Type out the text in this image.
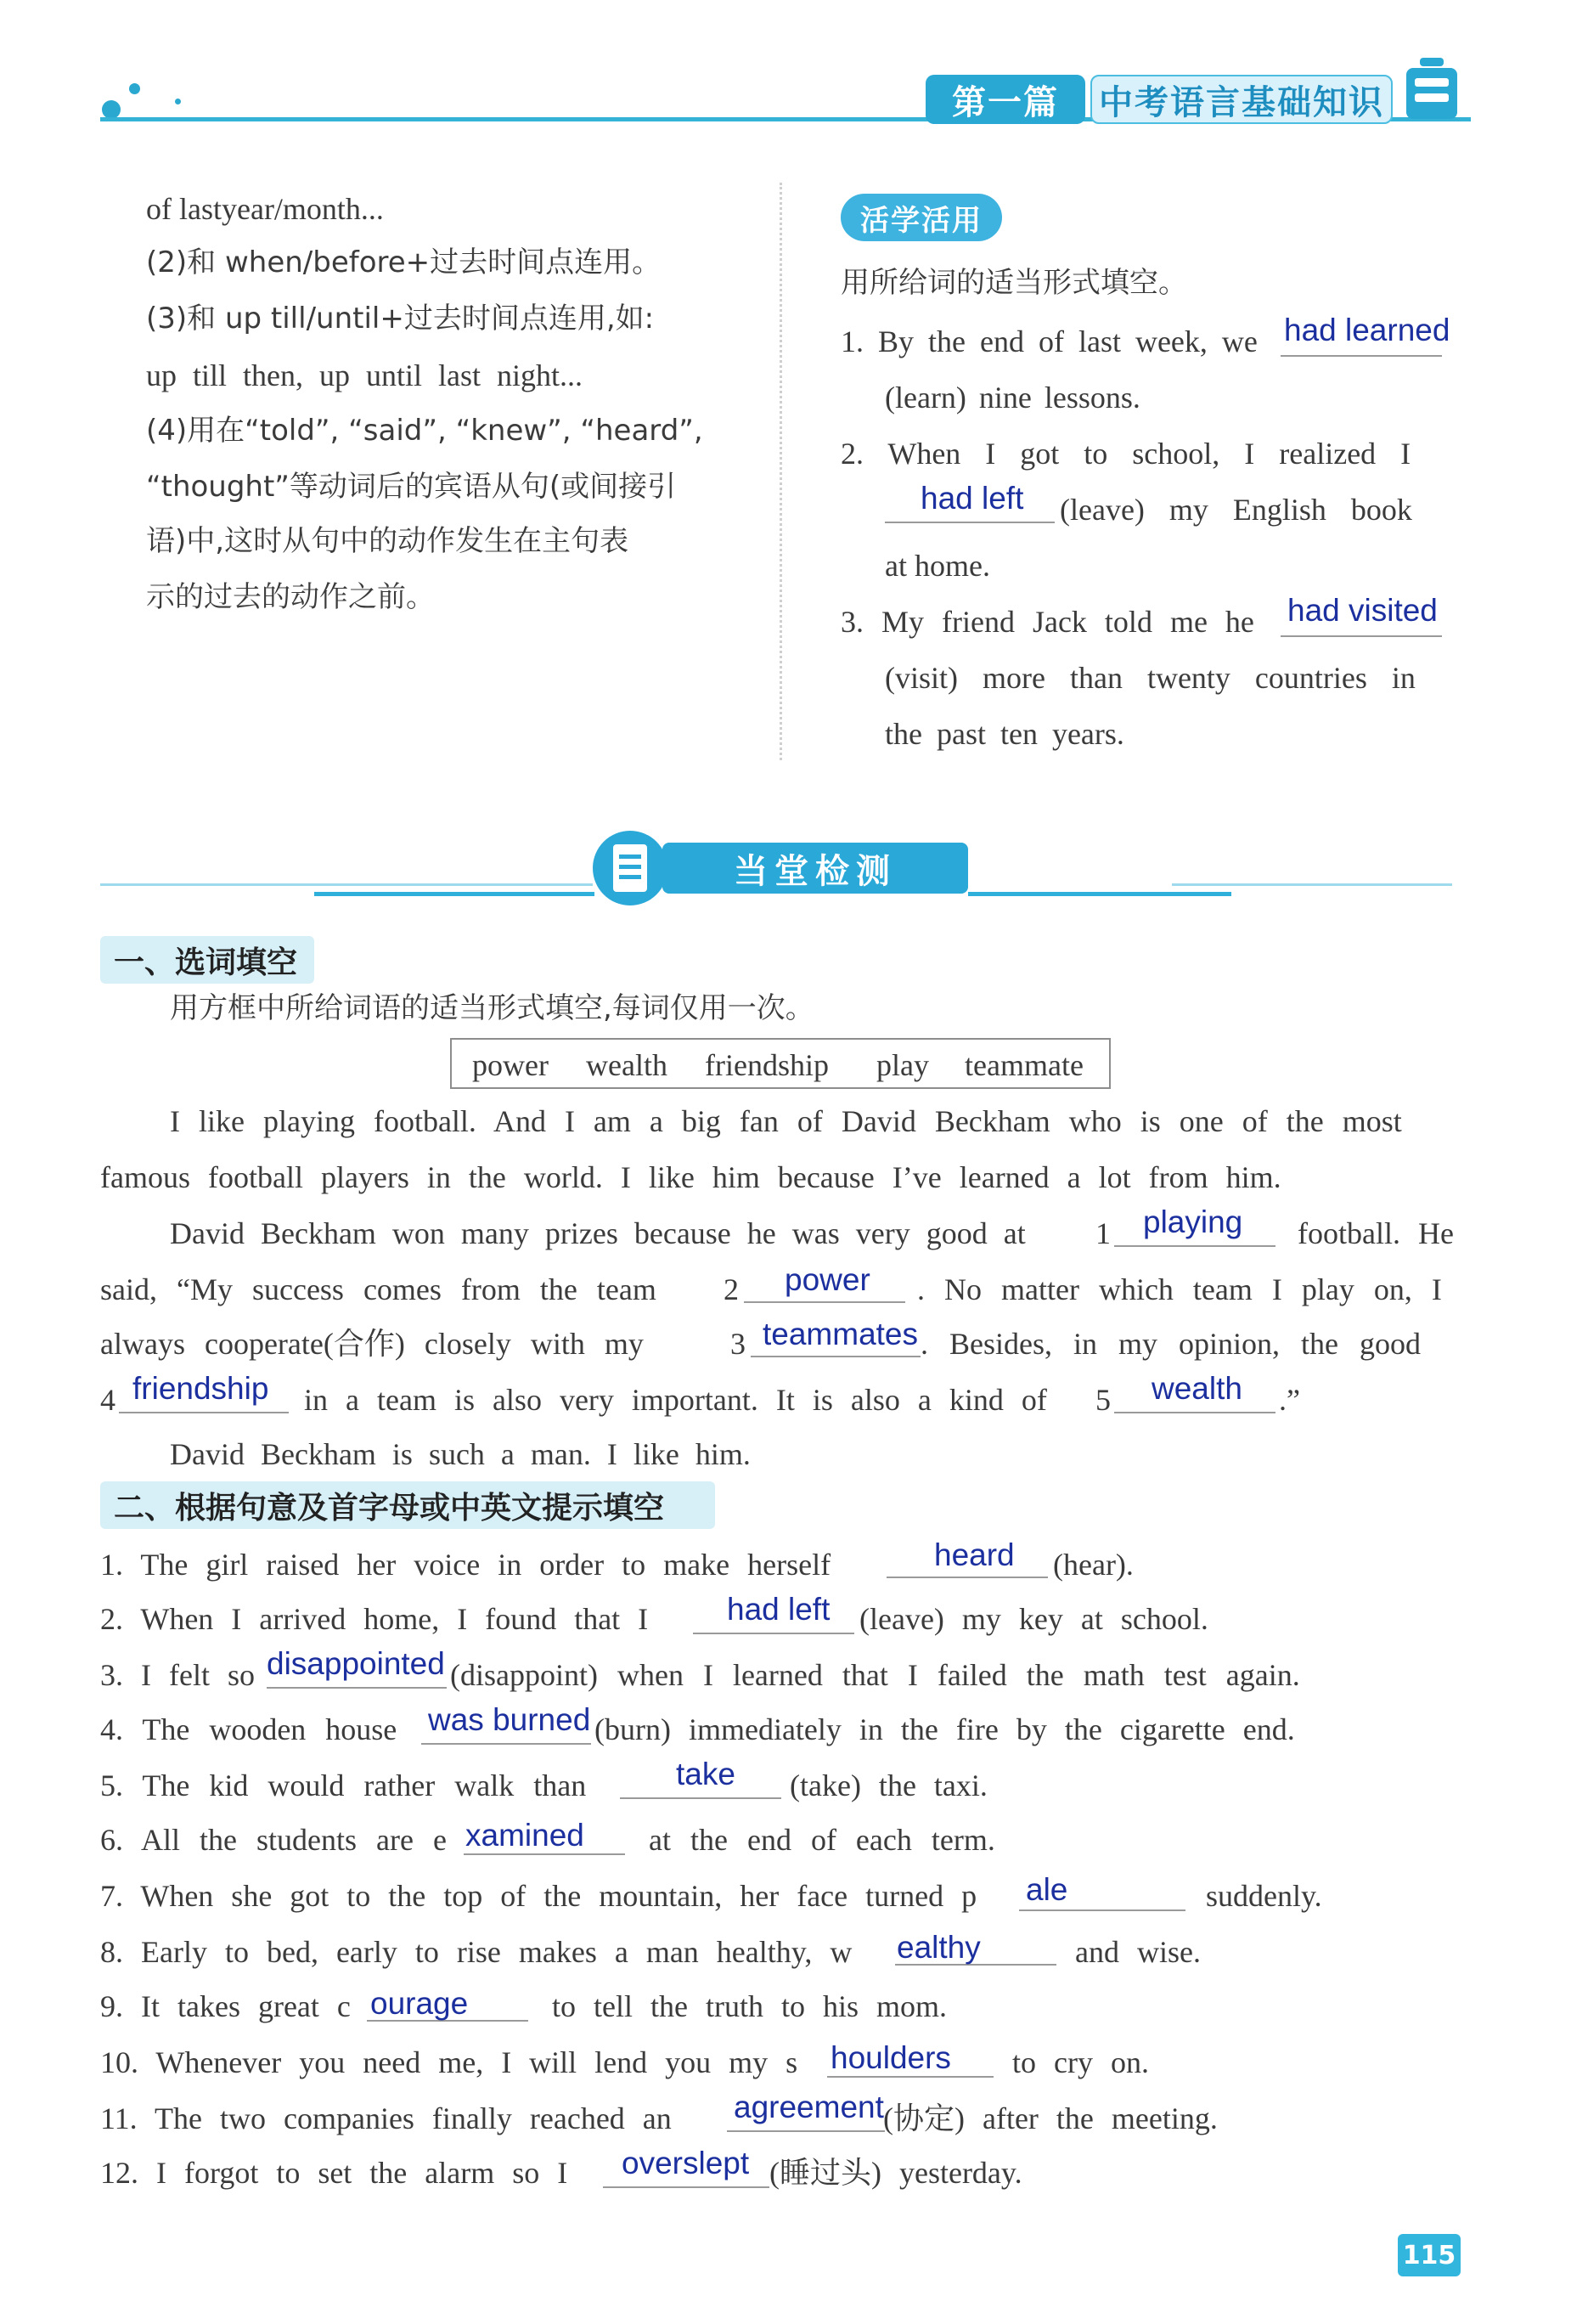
第一篇	中考语言基础知识
of lastyear/month...
(2)和 when/before+过去时间点连用。
(3)和 up till/until+过去时间点连用,如:
up till then, up until last night...
(4)用在“told”, “said”, “knew”, “heard”,
“thought”等动词后的宾语从句(或间接引
语)中,这时从句中的动作发生在主句表
示的过去的动作之前。
活学活用
用所给词的适当形式填空。
1. By the end of last week, we had learned
(learn) nine lessons.
2. When I got to school, I realized I
had left (leave) my English book
at home.
3. My friend Jack told me he had visited
(visit) more than twenty countries in
the past ten years.
当堂检测
一、选词填空
用方框中所给词语的适当形式填空,每词仅用一次。
power wealth friendship play teammate
I like playing football. And I am a big fan of David Beckham who is one of the most
famous football players in the world. I like him because I’ve learned a lot from him.
David Beckham won many prizes because he was very good at 1 playing football. He
said, “My success comes from the team 2 power . No matter which team I play on, I
always cooperate(合作) closely with my	3 teammates . Besides, in my opinion, the good
4 friendship in a team is also very important. It is also a kind of 5 wealth .”
David Beckham is such a man. I like him.
二、根据句意及首字母或中英文提示填空
1. The girl raised her voice in order to make herself	heard (hear).
2. When I arrived home, I found that I	had left (leave) my key at school.
3. I felt so disappointed (disappoint) when I learned that I failed the math test again.
4. The wooden house was burned (burn) immediately in the fire by the cigarette end.
5. The kid would rather walk than	take (take) the taxi.
6. All the students are e xamined at the end of each term.
7. When she got to the top of the mountain, her face turned p ale	suddenly.
8. Early to bed, early to rise makes a man healthy, w ealthy	and wise.
9. It takes great c ourage	to tell the truth to his mom.
10. Whenever you need me, I will lend you my s houlders to cry on.
11. The two companies finally reached an agreement (协定) after the meeting.
12. I forgot to set the alarm so I overslept (睡过头) yesterday.
115
